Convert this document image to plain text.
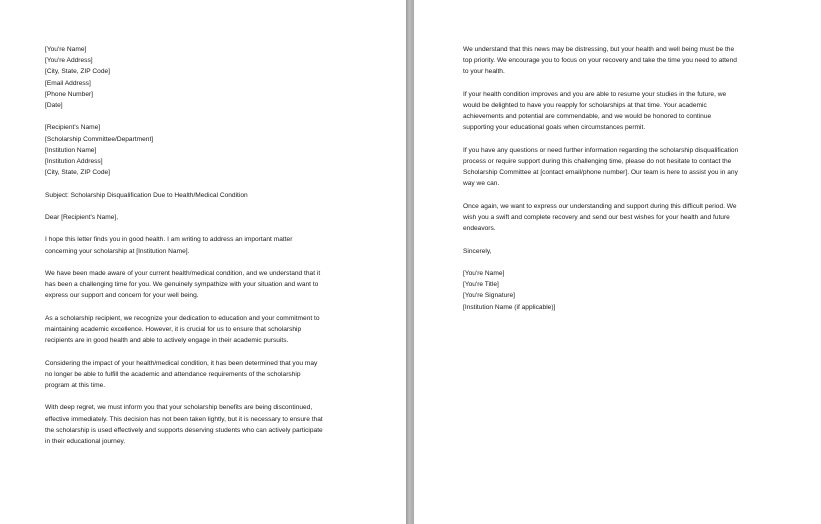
[You're Name]
[You're Address]
[City, State, ZIP Code]
[Email Address]
[Phone Number]
[Date]
[Recipient's Name]
[Scholarship Committee/Department]
[Institution Name]
[Institution Address]
[City, State, ZIP Code]
Subject: Scholarship Disqualification Due to Health/Medical Condition
Dear [Recipient's Name],
I hope this letter finds you in good health. I am writing to address an important matter
concerning your scholarship at [Institution Name].
We have been made aware of your current health/medical condition, and we understand that it
has been a challenging time for you. We genuinely sympathize with your situation and want to
express our support and concern for your well being.
As a scholarship recipient, we recognize your dedication to education and your commitment to
maintaining academic excellence. However, it is crucial for us to ensure that scholarship
recipients are in good health and able to actively engage in their academic pursuits.
Considering the impact of your health/medical condition, it has been determined that you may
no longer be able to fulfill the academic and attendance requirements of the scholarship
program at this time.
With deep regret, we must inform you that your scholarship benefits are being discontinued,
effective immediately. This decision has not been taken lightly, but it is necessary to ensure that
the scholarship is used effectively and supports deserving students who can actively participate
in their educational journey.
We understand that this news may be distressing, but your health and well being must be the
top priority. We encourage you to focus on your recovery and take the time you need to attend
to your health.
If your health condition improves and you are able to resume your studies in the future, we
would be delighted to have you reapply for scholarships at that time. Your academic
achievements and potential are commendable, and we would be honored to continue
supporting your educational goals when circumstances permit.
If you have any questions or need further information regarding the scholarship disqualification
process or require support during this challenging time, please do not hesitate to contact the
Scholarship Committee at [contact email/phone number]. Our team is here to assist you in any
way we can.
Once again, we want to express our understanding and support during this difficult period. We
wish you a swift and complete recovery and send our best wishes for your health and future
endeavors.
Sincerely,
[You're Name]
[You're Title]
[You're Signature]
[Institution Name (if applicable)]
